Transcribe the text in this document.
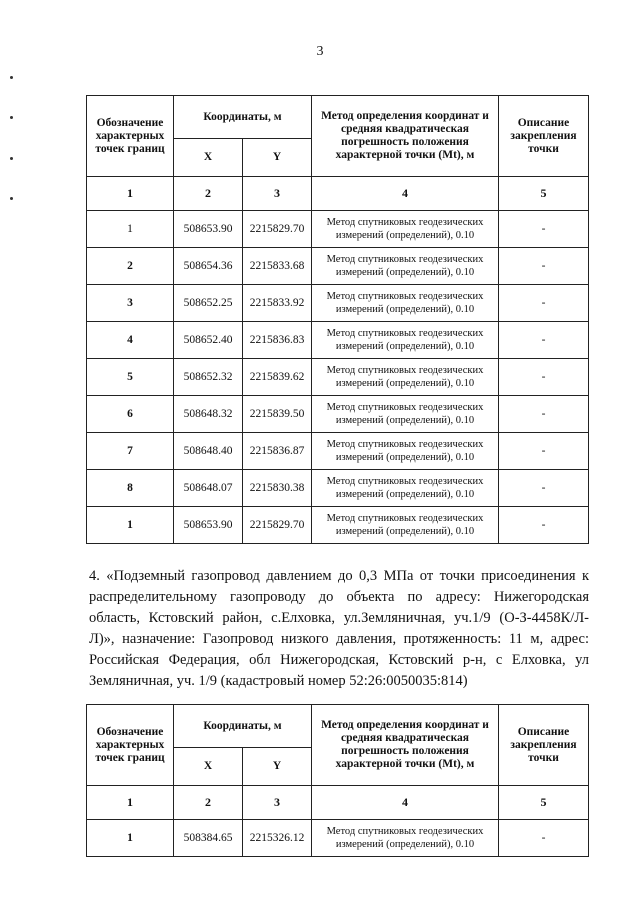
3
Обозначение характерных точек границ	Координаты, м		Метод определения координат и средняя квадратическая погрешность положения характерной точки (Mt), м	Описание закрепления точки
	X	Y		
1	2	3	4	5
1	508653.90	2215829.70	Метод спутниковых геодезических измерений (определений), 0.10	-
2	508654.36	2215833.68	Метод спутниковых геодезических измерений (определений), 0.10	-
3	508652.25	2215833.92	Метод спутниковых геодезических измерений (определений), 0.10	-
4	508652.40	2215836.83	Метод спутниковых геодезических измерений (определений), 0.10	-
5	508652.32	2215839.62	Метод спутниковых геодезических измерений (определений), 0.10	-
6	508648.32	2215839.50	Метод спутниковых геодезических измерений (определений), 0.10	-
7	508648.40	2215836.87	Метод спутниковых геодезических измерений (определений), 0.10	-
8	508648.07	2215830.38	Метод спутниковых геодезических измерений (определений), 0.10	-
1	508653.90	2215829.70	Метод спутниковых геодезических измерений (определений), 0.10	-
4. «Подземный газопровод давлением до 0,3 МПа от точки присоединения к
распределительному газопроводу до объекта по адресу: Нижегородская
область, Кстовский район, с.Елховка, ул.Земляничная, уч.1/9 (О-З-4458К/Л-
Л)», назначение: Газопровод низкого давления, протяженность: 11 м, адрес:
Российская Федерация, обл Нижегородская, Кстовский р-н, с Елховка, ул
Земляничная, уч. 1/9 (кадастровый номер 52:26:0050035:814)
Обозначение характерных точек границ	Координаты, м		Метод определения координат и средняя квадратическая погрешность положения характерной точки (Mt), м	Описание закрепления точки
	X	Y		
1	2	3	4	5
1	508384.65	2215326.12	Метод спутниковых геодезических измерений (определений), 0.10	-
